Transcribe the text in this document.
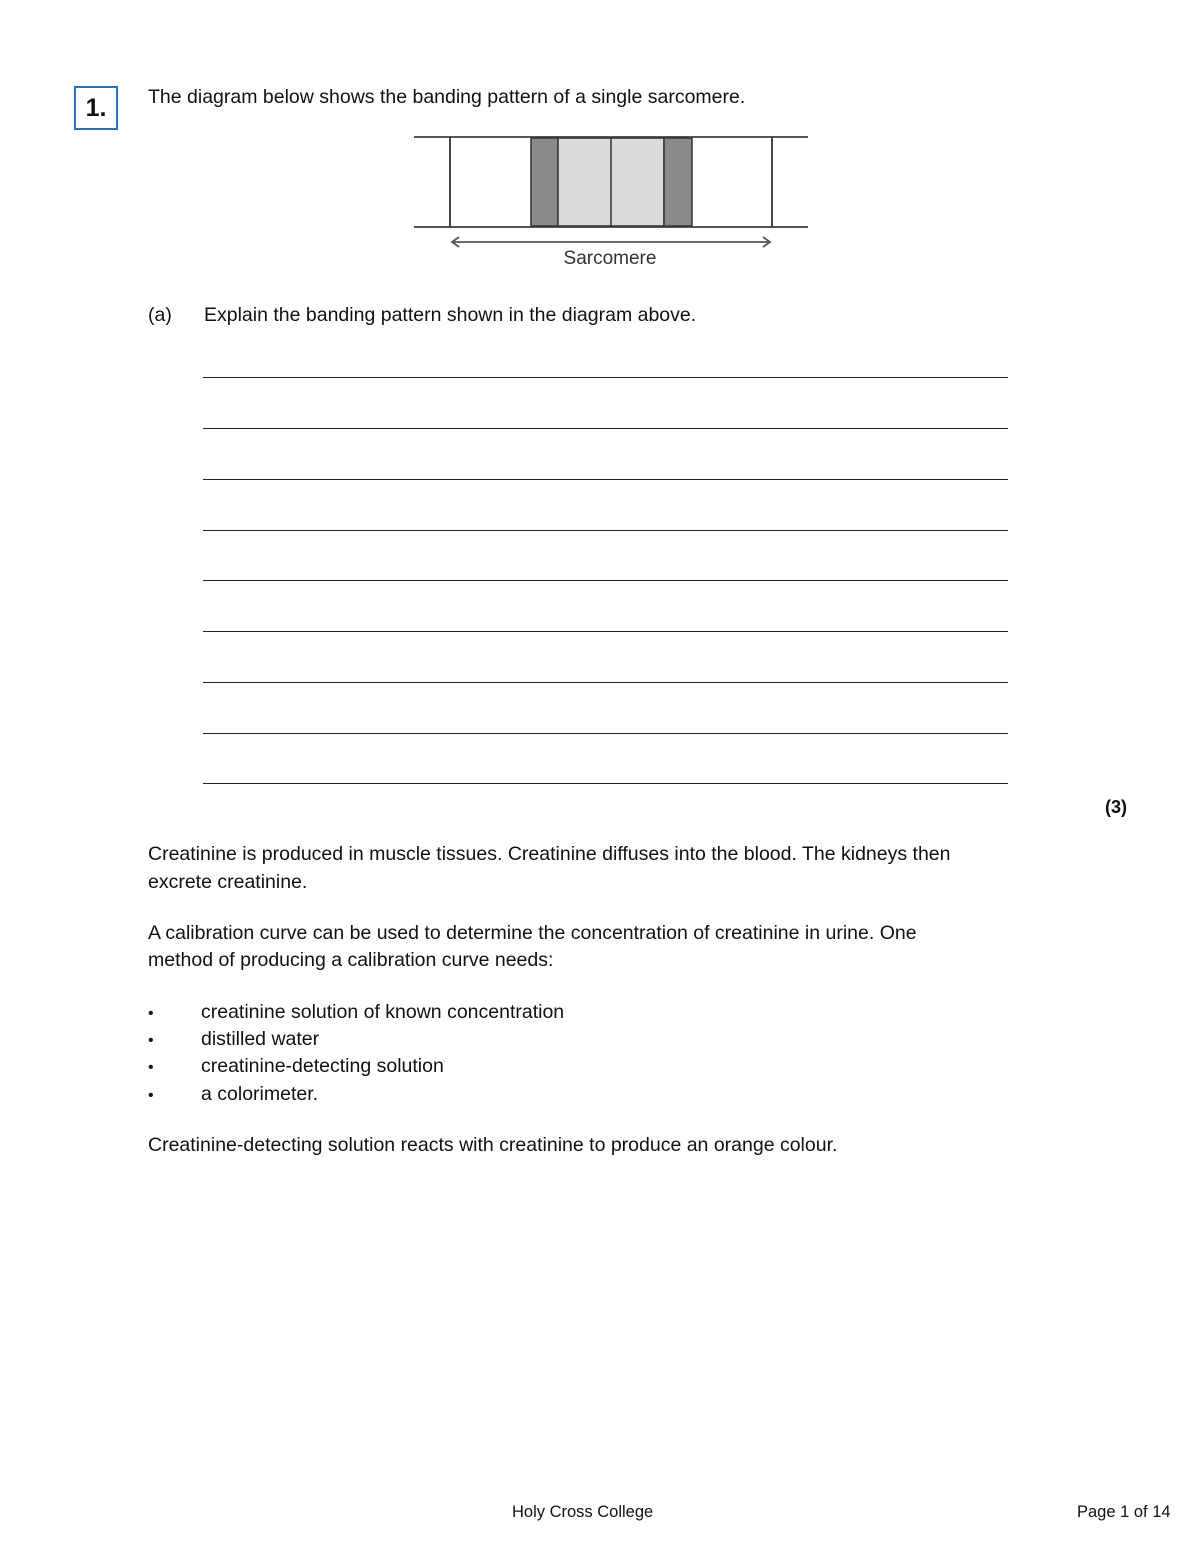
1. The diagram below shows the banding pattern of a single sarcomere.
Sarcomere
(a) Explain the banding pattern shown in the diagram above.
(3)
Creatinine is produced in muscle tissues. Creatinine diffuses into the blood. The kidneys then
excrete creatinine.
A calibration curve can be used to determine the concentration of creatinine in urine. One
method of producing a calibration curve needs:
• creatinine solution of known concentration
• distilled water
• creatinine-detecting solution
• a colorimeter.
Creatinine-detecting solution reacts with creatinine to produce an orange colour.
Holy Cross College	Page 1 of 14
